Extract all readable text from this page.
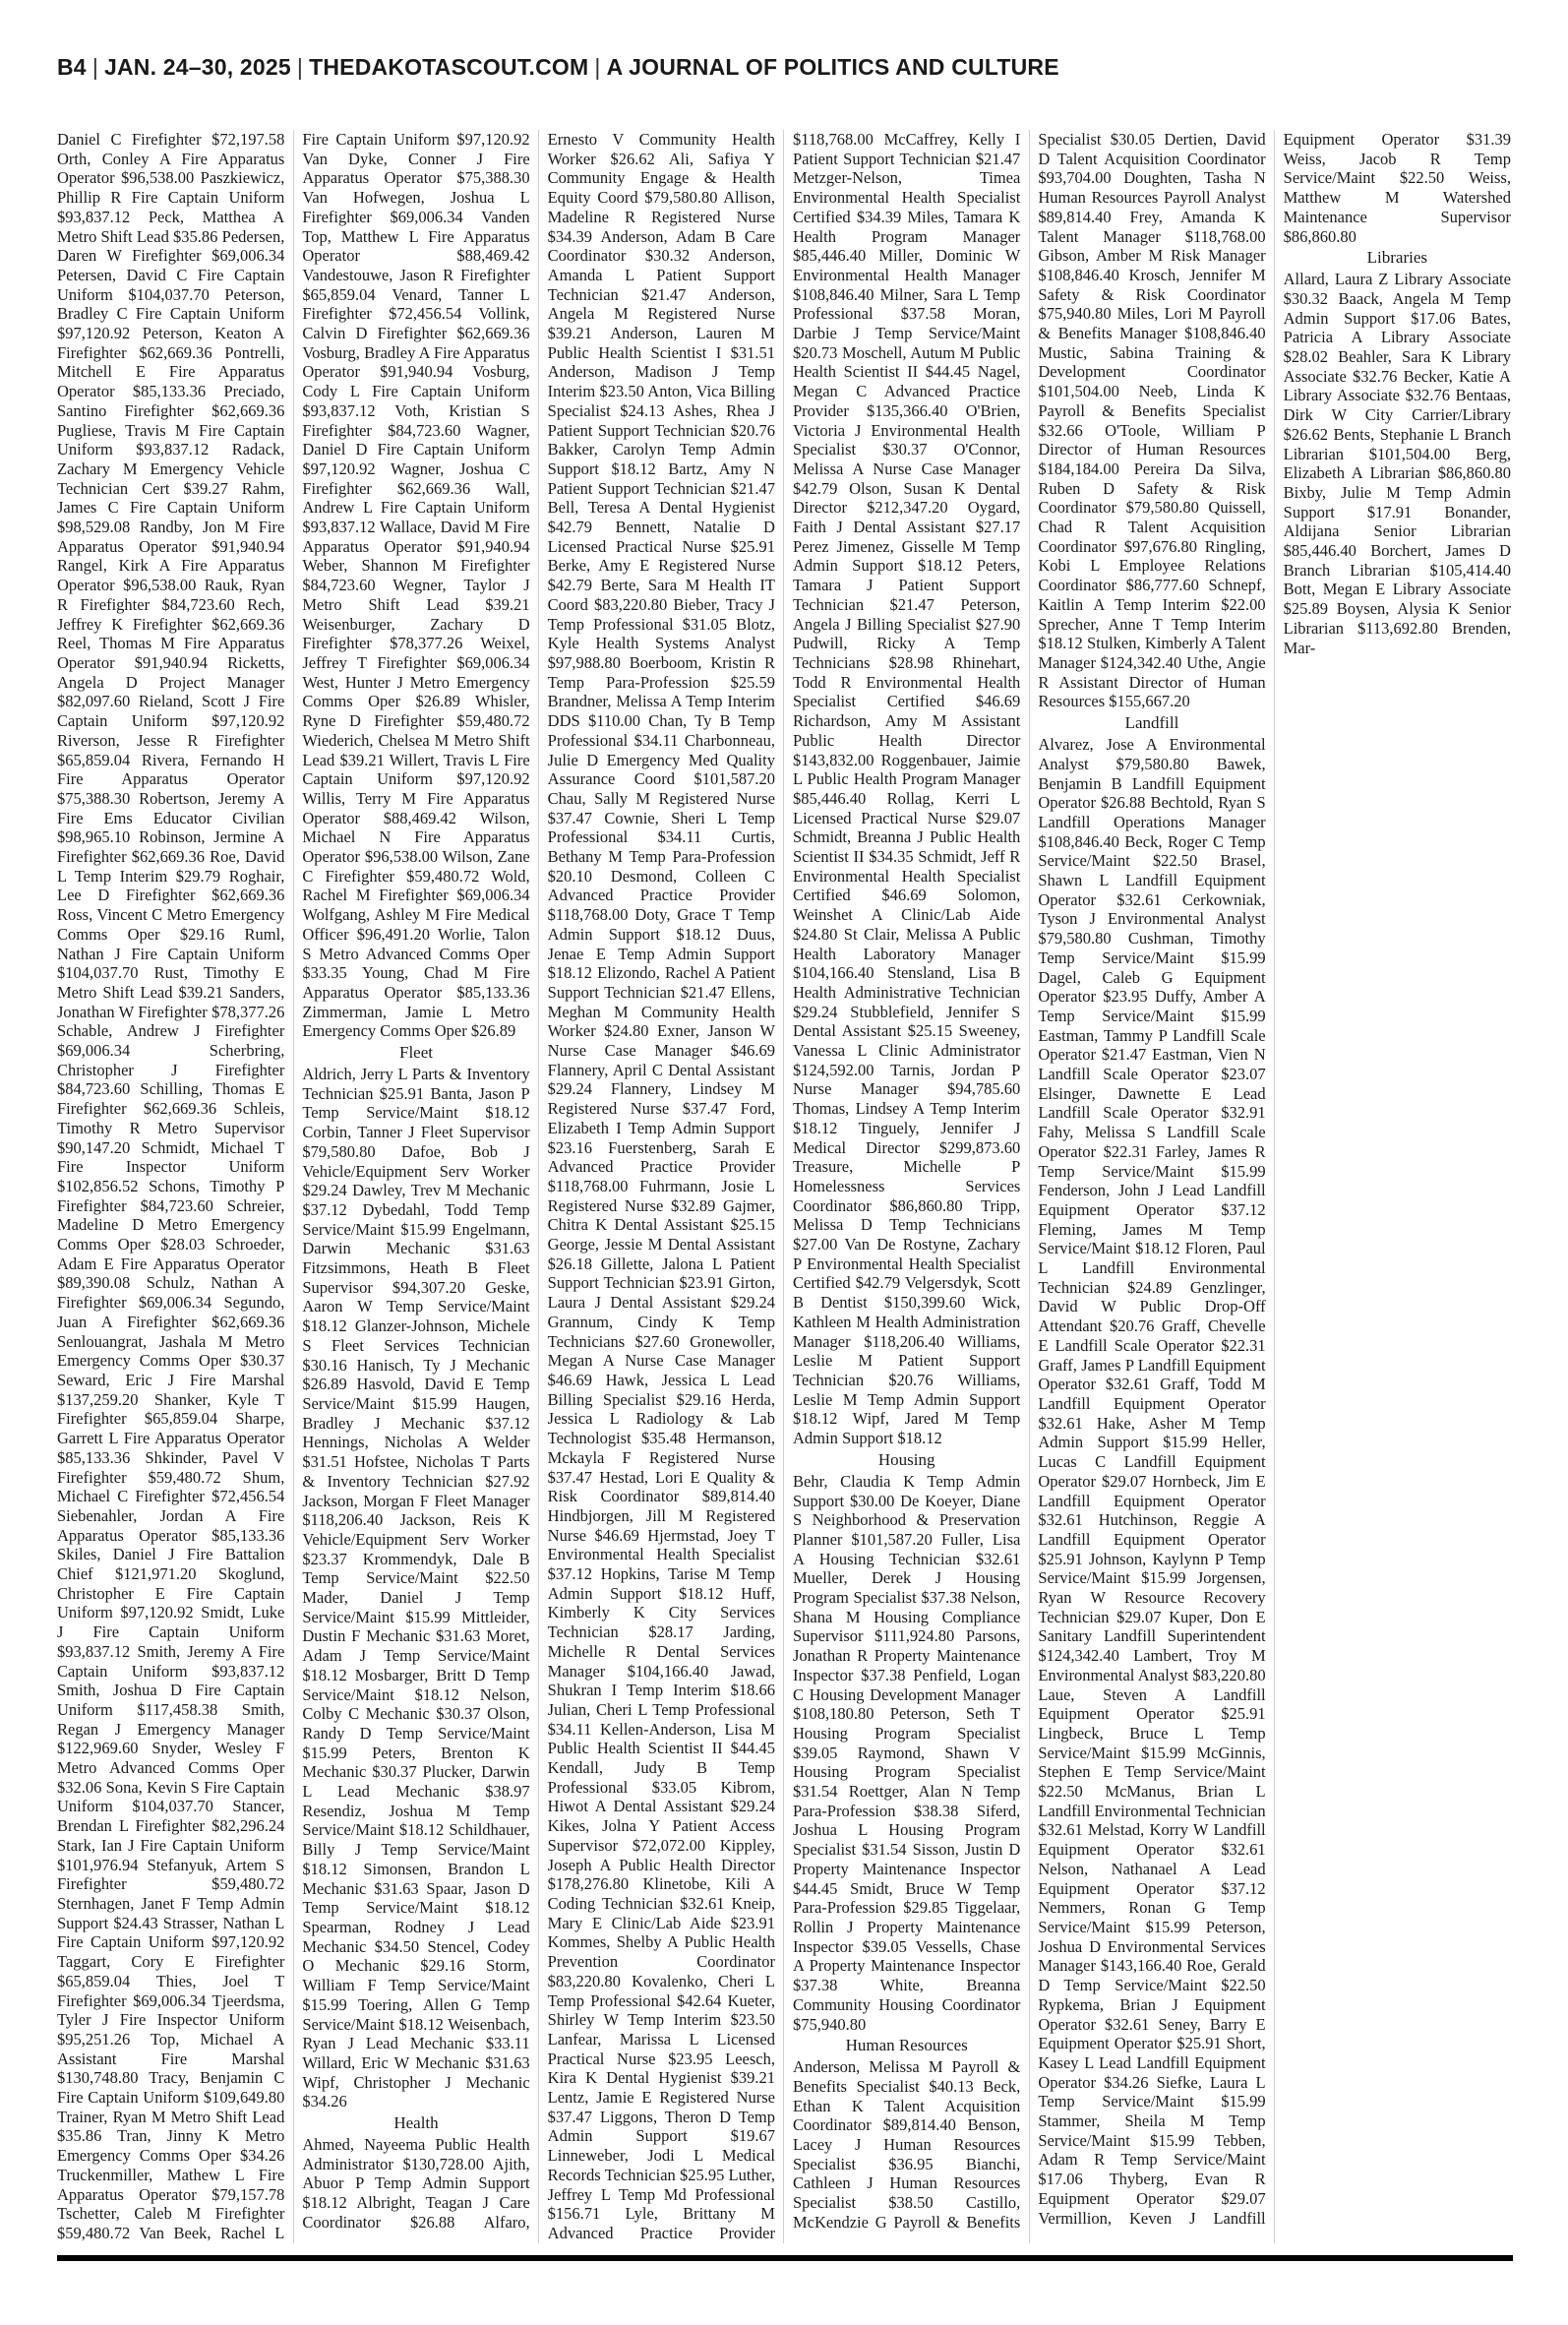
B4 | JAN. 24–30, 2025 | THEDAKOTASCOUT.COM | A JOURNAL OF POLITICS AND CULTURE

Daniel C Firefighter $72,197.58 Orth, Conley A Fire Apparatus Operator $96,538.00 Paszkiewicz, Phillip R Fire Captain Uniform $93,837.12 Peck, Matthea A Metro Shift Lead $35.86 Pedersen, Daren W Firefighter $69,006.34 Petersen, David C Fire Captain Uniform $104,037.70 Peterson, Bradley C Fire Captain Uniform $97,120.92 Peterson, Keaton A Firefighter $62,669.36 Pontrelli, Mitchell E Fire Apparatus Operator $85,133.36 Preciado, Santino Firefighter $62,669.36 Pugliese, Travis M Fire Captain Uniform $93,837.12 Radack, Zachary M Emergency Vehicle Technician Cert $39.27 Rahm, James C Fire Captain Uniform $98,529.08 Randby, Jon M Fire Apparatus Operator $91,940.94 Rangel, Kirk A Fire Apparatus Operator $96,538.00 Rauk, Ryan R Firefighter $84,723.60 Rech, Jeffrey K Firefighter $62,669.36 Reel, Thomas M Fire Apparatus Operator $91,940.94 Ricketts, Angela D Project Manager $82,097.60 Rieland, Scott J Fire Captain Uniform $97,120.92 Riverson, Jesse R Firefighter $65,859.04 Rivera, Fernando H Fire Apparatus Operator $75,388.30 Robertson, Jeremy A Fire Ems Educator Civilian $98,965.10 Robinson, Jermine A Firefighter $62,669.36 Roe, David L Temp Interim $29.79 Roghair, Lee D Firefighter $62,669.36 Ross, Vincent C Metro Emergency Comms Oper $29.16 Ruml, Nathan J Fire Captain Uniform $104,037.70 Rust, Timothy E Metro Shift Lead $39.21 Sanders, Jonathan W Firefighter $78,377.26 Schable, Andrew J Firefighter $69,006.34 Scherbring, Christopher J Firefighter $84,723.60 Schilling, Thomas E Firefighter $62,669.36 Schleis, Timothy R Metro Supervisor $90,147.20 Schmidt, Michael T Fire Inspector Uniform $102,856.52 Schons, Timothy P Firefighter $84,723.60 Schreier, Madeline D Metro Emergency Comms Oper $28.03 Schroeder, Adam E Fire Apparatus Operator $89,390.08 Schulz, Nathan A Firefighter $69,006.34 Segundo, Juan A Firefighter $62,669.36 Senlouangrat, Jashala M Metro Emergency Comms Oper $30.37 Seward, Eric J Fire Marshal $137,259.20 Shanker, Kyle T Firefighter $65,859.04 Sharpe, Garrett L Fire Apparatus Operator $85,133.36 Shkinder, Pavel V Firefighter $59,480.72 Shum, Michael C Firefighter $72,456.54 Siebenahler, Jordan A Fire Apparatus Operator $85,133.36 Skiles, Daniel J Fire Battalion Chief $121,971.20 Skoglund, Christopher E Fire Captain Uniform $97,120.92 Smidt, Luke J Fire Captain Uniform $93,837.12 Smith, Jeremy A Fire Captain Uniform $93,837.12 Smith, Joshua D Fire Captain Uniform $117,458.38 Smith, Regan J Emergency Manager $122,969.60 Snyder, Wesley F Metro Advanced Comms Oper $32.06 Sona, Kevin S Fire Captain Uniform $104,037.70 Stancer, Brendan L Firefighter $82,296.24 Stark, Ian J Fire Captain Uniform $101,976.94 Stefanyuk, Artem S Firefighter $59,480.72 Sternhagen, Janet F Temp Admin Support $24.43 Strasser, Nathan L Fire Captain Uniform $97,120.92 Taggart, Cory E Firefighter $65,859.04 Thies, Joel T Firefighter $69,006.34 Tjeerdsma, Tyler J Fire Inspector Uniform $95,251.26 Top, Michael A Assistant Fire Marshal $130,748.80 Tracy, Benjamin C Fire Captain Uniform $109,649.80 Trainer, Ryan M Metro Shift Lead $35.86 Tran, Jinny K Metro Emergency Comms Oper $34.26 Truckenmiller, Mathew L Fire Apparatus Operator $79,157.78 Tschetter, Caleb M Firefighter $59,480.72 Van Beek, Rachel L Fire Captain Uniform $97,120.92 Van Dyke, Conner J Fire Apparatus Operator $75,388.30 Van Hofwegen, Joshua L Firefighter $69,006.34 Vanden Top, Matthew L Fire Apparatus Operator $88,469.42 Vandestouwe, Jason R Firefighter $65,859.04 Venard, Tanner L Firefighter $72,456.54 Vollink, Calvin D Firefighter $62,669.36 Vosburg, Bradley A Fire Apparatus Operator $91,940.94 Vosburg, Cody L Fire Captain Uniform $93,837.12 Voth, Kristian S Firefighter $84,723.60 Wagner, Daniel D Fire Captain Uniform $97,120.92 Wagner, Joshua C Firefighter $62,669.36 Wall, Andrew L Fire Captain Uniform $93,837.12 Wallace, David M Fire Apparatus Operator $91,940.94 Weber, Shannon M Firefighter $84,723.60 Wegner, Taylor J Metro Shift Lead $39.21 Weisenburger, Zachary D Firefighter $78,377.26 Weixel, Jeffrey T Firefighter $69,006.34 West, Hunter J Metro Emergency Comms Oper $26.89 Whisler, Ryne D Firefighter $59,480.72 Wiederich, Chelsea M Metro Shift Lead $39.21 Willert, Travis L Fire Captain Uniform $97,120.92 Willis, Terry M Fire Apparatus Operator $88,469.42 Wilson, Michael N Fire Apparatus Operator $96,538.00 Wilson, Zane C Firefighter $59,480.72 Wold, Rachel M Firefighter $69,006.34 Wolfgang, Ashley M Fire Medical Officer $96,491.20 Worlie, Talon S Metro Advanced Comms Oper $33.35 Young, Chad M Fire Apparatus Operator $85,133.36 Zimmerman, Jamie L Metro Emergency Comms Oper $26.89

Fleet

Aldrich, Jerry L Parts & Inventory Technician $25.91 Banta, Jason P Temp Service/Maint $18.12 Corbin, Tanner J Fleet Supervisor $79,580.80 Dafoe, Bob J Vehicle/Equipment Serv Worker $29.24 Dawley, Trev M Mechanic $37.12 Dybedahl, Todd Temp Service/Maint $15.99 Engelmann, Darwin Mechanic $31.63 Fitzsimmons, Heath B Fleet Supervisor $94,307.20 Geske, Aaron W Temp Service/Maint $18.12 Glanzer-Johnson, Michele S Fleet Services Technician $30.16 Hanisch, Ty J Mechanic $26.89 Hasvold, David E Temp Service/Maint $15.99 Haugen, Bradley J Mechanic $37.12 Hennings, Nicholas A Welder $31.51 Hofstee, Nicholas T Parts & Inventory Technician $27.92 Jackson, Morgan F Fleet Manager $118,206.40 Jackson, Reis K Vehicle/Equipment Serv Worker $23.37 Krommendyk, Dale B Temp Service/Maint $22.50 Mader, Daniel J Temp Service/Maint $15.99 Mittleider, Dustin F Mechanic $31.63 Moret, Adam J Temp Service/Maint $18.12 Mosbarger, Britt D Temp Service/Maint $18.12 Nelson, Colby C Mechanic $30.37 Olson, Randy D Temp Service/Maint $15.99 Peters, Brenton K Mechanic $30.37 Plucker, Darwin L Lead Mechanic $38.97 Resendiz, Joshua M Temp Service/Maint $18.12 Schildhauer, Billy J Temp Service/Maint $18.12 Simonsen, Brandon L Mechanic $31.63 Spaar, Jason D Temp Service/Maint $18.12 Spearman, Rodney J Lead Mechanic $34.50 Stencel, Codey O Mechanic $29.16 Storm, William F Temp Service/Maint $15.99 Toering, Allen G Temp Service/Maint $18.12 Weisenbach, Ryan J Lead Mechanic $33.11 Willard, Eric W Mechanic $31.63 Wipf, Christopher J Mechanic $34.26

Health

Ahmed, Nayeema Public Health Administrator $130,728.00 Ajith, Abuor P Temp Admin Support $18.12 Albright, Teagan J Care Coordinator $26.88 Alfaro, Ernesto V Community Health Worker $26.62 Ali, Safiya Y Community Engage & Health Equity Coord $79,580.80 Allison, Madeline R Registered Nurse $34.39 Anderson, Adam B Care Coordinator $30.32 Anderson, Amanda L Patient Support Technician $21.47 Anderson, Angela M Registered Nurse $39.21 Anderson, Lauren M Public Health Scientist I $31.51 Anderson, Madison J Temp Interim $23.50 Anton, Vica Billing Specialist $24.13 Ashes, Rhea J Patient Support Technician $20.76 Bakker, Carolyn Temp Admin Support $18.12 Bartz, Amy N Patient Support Technician $21.47 Bell, Teresa A Dental Hygienist $42.79 Bennett, Natalie D Licensed Practical Nurse $25.91 Berke, Amy E Registered Nurse $42.79 Berte, Sara M Health IT Coord $83,220.80 Bieber, Tracy J Temp Professional $31.05 Blotz, Kyle Health Systems Analyst $97,988.80 Boerboom, Kristin R Temp Para-Profession $25.59 Brandner, Melissa A Temp Interim DDS $110.00 Chan, Ty B Temp Professional $34.11 Charbonneau, Julie D Emergency Med Quality Assurance Coord $101,587.20 Chau, Sally M Registered Nurse $37.47 Cownie, Sheri L Temp Professional $34.11 Curtis, Bethany M Temp Para-Profession $20.10 Desmond, Colleen C Advanced Practice Provider $118,768.00 Doty, Grace T Temp Admin Support $18.12 Duus, Jenae E Temp Admin Support $18.12 Elizondo, Rachel A Patient Support Technician $21.47 Ellens, Meghan M Community Health Worker $24.80 Exner, Janson W Nurse Case Manager $46.69 Flannery, April C Dental Assistant $29.24 Flannery, Lindsey M Registered Nurse $37.47 Ford, Elizabeth I Temp Admin Support $23.16 Fuerstenberg, Sarah E Advanced Practice Provider $118,768.00 Fuhrmann, Josie L Registered Nurse $32.89 Gajmer, Chitra K Dental Assistant $25.15 George, Jessie M Dental Assistant $26.18 Gillette, Jalona L Patient Support Technician $23.91 Girton, Laura J Dental Assistant $29.24 Grannum, Cindy K Temp Technicians $27.60 Gronewoller, Megan A Nurse Case Manager $46.69 Hawk, Jessica L Lead Billing Specialist $29.16 Herda, Jessica L Radiology & Lab Technologist $35.48 Hermanson, Mckayla F Registered Nurse $37.47 Hestad, Lori E Quality & Risk Coordinator $89,814.40 Hindbjorgen, Jill M Registered Nurse $46.69 Hjermstad, Joey T Environmental Health Specialist $37.12 Hopkins, Tarise M Temp Admin Support $18.12 Huff, Kimberly K City Services Technician $28.17 Jarding, Michelle R Dental Services Manager $104,166.40 Jawad, Shukran I Temp Interim $18.66 Julian, Cheri L Temp Professional $34.11 Kellen-Anderson, Lisa M Public Health Scientist II $44.45 Kendall, Judy B Temp Professional $33.05 Kibrom, Hiwot A Dental Assistant $29.24 Kikes, Jolna Y Patient Access Supervisor $72,072.00 Kippley, Joseph A Public Health Director $178,276.80 Klinetobe, Kili A Coding Technician $32.61 Kneip, Mary E Clinic/Lab Aide $23.91 Kommes, Shelby A Public Health Prevention Coordinator $83,220.80 Kovalenko, Cheri L Temp Professional $42.64 Kueter, Shirley W Temp Interim $23.50 Lanfear, Marissa L Licensed Practical Nurse $23.95 Leesch, Kira K Dental Hygienist $39.21 Lentz, Jamie E Registered Nurse $37.47 Liggons, Theron D Temp Admin Support $19.67 Linneweber, Jodi L Medical Records Technician $25.95 Luther, Jeffrey L Temp Md Professional $156.71 Lyle, Brittany M Advanced Practice Provider $118,768.00 McCaffrey, Kelly I Patient Support Technician $21.47 Metzger-Nelson, Timea Environmental Health Specialist Certified $34.39 Miles, Tamara K Health Program Manager $85,446.40 Miller, Dominic W Environmental Health Manager $108,846.40 Milner, Sara L Temp Professional $37.58 Moran, Darbie J Temp Service/Maint $20.73 Moschell, Autum M Public Health Scientist II $44.45 Nagel, Megan C Advanced Practice Provider $135,366.40 O'Brien, Victoria J Environmental Health Specialist $30.37 O'Connor, Melissa A Nurse Case Manager $42.79 Olson, Susan K Dental Director $212,347.20 Oygard, Faith J Dental Assistant $27.17 Perez Jimenez, Gisselle M Temp Admin Support $18.12 Peters, Tamara J Patient Support Technician $21.47 Peterson, Angela J Billing Specialist $27.90 Pudwill, Ricky A Temp Technicians $28.98 Rhinehart, Todd R Environmental Health Specialist Certified $46.69 Richardson, Amy M Assistant Public Health Director $143,832.00 Roggenbauer, Jaimie L Public Health Program Manager $85,446.40 Rollag, Kerri L Licensed Practical Nurse $29.07 Schmidt, Breanna J Public Health Scientist II $34.35 Schmidt, Jeff R Environmental Health Specialist Certified $46.69 Solomon, Weinshet A Clinic/Lab Aide $24.80 St Clair, Melissa A Public Health Laboratory Manager $104,166.40 Stensland, Lisa B Health Administrative Technician $29.24 Stubblefield, Jennifer S Dental Assistant $25.15 Sweeney, Vanessa L Clinic Administrator $124,592.00 Tarnis, Jordan P Nurse Manager $94,785.60 Thomas, Lindsey A Temp Interim $18.12 Tinguely, Jennifer J Medical Director $299,873.60 Treasure, Michelle P Homelessness Services Coordinator $86,860.80 Tripp, Melissa D Temp Technicians $27.00 Van De Rostyne, Zachary P Environmental Health Specialist Certified $42.79 Velgersdyk, Scott B Dentist $150,399.60 Wick, Kathleen M Health Administration Manager $118,206.40 Williams, Leslie M Patient Support Technician $20.76 Williams, Leslie M Temp Admin Support $18.12 Wipf, Jared M Temp Admin Support $18.12

Housing

Behr, Claudia K Temp Admin Support $30.00 De Koeyer, Diane S Neighborhood & Preservation Planner $101,587.20 Fuller, Lisa A Housing Technician $32.61 Mueller, Derek J Housing Program Specialist $37.38 Nelson, Shana M Housing Compliance Supervisor $111,924.80 Parsons, Jonathan R Property Maintenance Inspector $37.38 Penfield, Logan C Housing Development Manager $108,180.80 Peterson, Seth T Housing Program Specialist $39.05 Raymond, Shawn V Housing Program Specialist $31.54 Roettger, Alan N Temp Para-Profession $38.38 Siferd, Joshua L Housing Program Specialist $31.54 Sisson, Justin D Property Maintenance Inspector $44.45 Smidt, Bruce W Temp Para-Profession $29.85 Tiggelaar, Rollin J Property Maintenance Inspector $39.05 Vessells, Chase A Property Maintenance Inspector $37.38 White, Breanna Community Housing Coordinator $75,940.80

Human Resources

Anderson, Melissa M Payroll & Benefits Specialist $40.13 Beck, Ethan K Talent Acquisition Coordinator $89,814.40 Benson, Lacey J Human Resources Specialist $36.95 Bianchi, Cathleen J Human Resources Specialist $38.50 Castillo, McKendzie G Payroll & Benefits Specialist $30.05 Dertien, David D Talent Acquisition Coordinator $93,704.00 Doughten, Tasha N Human Resources Payroll Analyst $89,814.40 Frey, Amanda K Talent Manager $118,768.00 Gibson, Amber M Risk Manager $108,846.40 Krosch, Jennifer M Safety & Risk Coordinator $75,940.80 Miles, Lori M Payroll & Benefits Manager $108,846.40 Mustic, Sabina Training & Development Coordinator $101,504.00 Neeb, Linda K Payroll & Benefits Specialist $32.66 O'Toole, William P Director of Human Resources $184,184.00 Pereira Da Silva, Ruben D Safety & Risk Coordinator $79,580.80 Quissell, Chad R Talent Acquisition Coordinator $97,676.80 Ringling, Kobi L Employee Relations Coordinator $86,777.60 Schnepf, Kaitlin A Temp Interim $22.00 Sprecher, Anne T Temp Interim $18.12 Stulken, Kimberly A Talent Manager $124,342.40 Uthe, Angie R Assistant Director of Human Resources $155,667.20

Landfill

Alvarez, Jose A Environmental Analyst $79,580.80 Bawek, Benjamin B Landfill Equipment Operator $26.88 Bechtold, Ryan S Landfill Operations Manager $108,846.40 Beck, Roger C Temp Service/Maint $22.50 Brasel, Shawn L Landfill Equipment Operator $32.61 Cerkowniak, Tyson J Environmental Analyst $79,580.80 Cushman, Timothy Temp Service/Maint $15.99 Dagel, Caleb G Equipment Operator $23.95 Duffy, Amber A Temp Service/Maint $15.99 Eastman, Tammy P Landfill Scale Operator $21.47 Eastman, Vien N Landfill Scale Operator $23.07 Elsinger, Dawnette E Lead Landfill Scale Operator $32.91 Fahy, Melissa S Landfill Scale Operator $22.31 Farley, James R Temp Service/Maint $15.99 Fenderson, John J Lead Landfill Equipment Operator $37.12 Fleming, James M Temp Service/Maint $18.12 Floren, Paul L Landfill Environmental Technician $24.89 Genzlinger, David W Public Drop-Off Attendant $20.76 Graff, Chevelle E Landfill Scale Operator $22.31 Graff, James P Landfill Equipment Operator $32.61 Graff, Todd M Landfill Equipment Operator $32.61 Hake, Asher M Temp Admin Support $15.99 Heller, Lucas C Landfill Equipment Operator $29.07 Hornbeck, Jim E Landfill Equipment Operator $32.61 Hutchinson, Reggie A Landfill Equipment Operator $25.91 Johnson, Kaylynn P Temp Service/Maint $15.99 Jorgensen, Ryan W Resource Recovery Technician $29.07 Kuper, Don E Sanitary Landfill Superintendent $124,342.40 Lambert, Troy M Environmental Analyst $83,220.80 Laue, Steven A Landfill Equipment Operator $25.91 Lingbeck, Bruce L Temp Service/Maint $15.99 McGinnis, Stephen E Temp Service/Maint $22.50 McManus, Brian L Landfill Environmental Technician $32.61 Melstad, Korry W Landfill Equipment Operator $32.61 Nelson, Nathanael A Lead Equipment Operator $37.12 Nemmers, Ronan G Temp Service/Maint $15.99 Peterson, Joshua D Environmental Services Manager $143,166.40 Roe, Gerald D Temp Service/Maint $22.50 Rypkema, Brian J Equipment Operator $32.61 Seney, Barry E Equipment Operator $25.91 Short, Kasey L Lead Landfill Equipment Operator $34.26 Siefke, Laura L Temp Service/Maint $15.99 Stammer, Sheila M Temp Service/Maint $15.99 Tebben, Adam R Temp Service/Maint $17.06 Thyberg, Evan R Equipment Operator $29.07 Vermillion, Keven J Landfill Equipment Operator $31.39 Weiss, Jacob R Temp Service/Maint $22.50 Weiss, Matthew M Watershed Maintenance Supervisor $86,860.80

Libraries

Allard, Laura Z Library Associate $30.32 Baack, Angela M Temp Admin Support $17.06 Bates, Patricia A Library Associate $28.02 Beahler, Sara K Library Associate $32.76 Becker, Katie A Library Associate $32.76 Bentaas, Dirk W City Carrier/Library $26.62 Bents, Stephanie L Branch Librarian $101,504.00 Berg, Elizabeth A Librarian $86,860.80 Bixby, Julie M Temp Admin Support $17.91 Bonander, Aldijana Senior Librarian $85,446.40 Borchert, James D Branch Librarian $105,414.40 Bott, Megan E Library Associate $25.89 Boysen, Alysia K Senior Librarian $113,692.80 Brenden, Mar-
